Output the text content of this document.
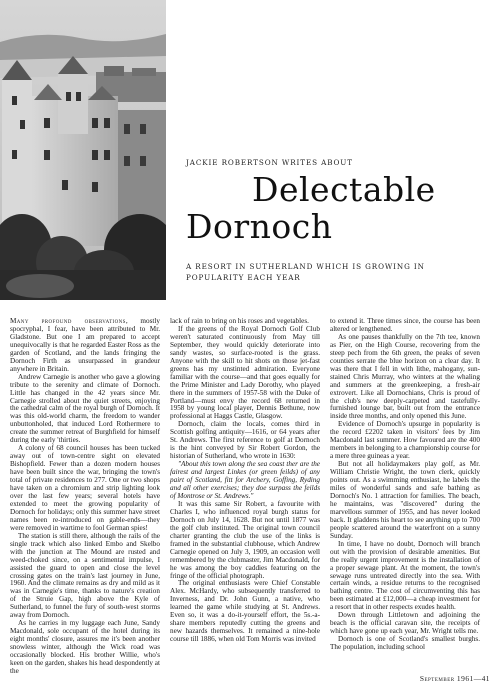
JACKIE ROBERTSON WRITES ABOUT
Delectable
Dornoch
A RESORT IN SUTHERLAND WHICH IS GROWING IN POPULARITY EACH YEAR

Many profound observations, mostly spocryphal, I fear, have been attributed to Mr. Gladstone. But one I am prepared to accept unequivocally is that he regarded Easter Ross as the garden of Scotland, and the lands fringing the Dornoch Firth as unsurpassed in grandeur anywhere in Britain.

Andrew Carnegie is another who gave a glowing tribute to the serenity and climate of Dornoch. Little has changed in the 42 years since Mr. Carnegie strolled about the quiet streets, enjoying the cathedral calm of the royal burgh of Dornoch. It was this old-world charm, the freedom to wander unbuttonholed, that induced Lord Rothermere to create the summer retreat of Burghfield for himself during the early 'thirties.

A colony of 68 council houses has been tucked away out of town-centre sight on elevated Bishopfield. Fewer than a dozen modern houses have been built since the war, bringing the town's total of private residences to 277. One or two shops have taken on a chromium and strip lighting look over the last few years; several hotels have extended to meet the growing popularity of Dornoch for holidays; only this summer have street names been re-introduced on gable-ends—they were removed in wartime to fool German spies!

The station is still there, although the rails of the single track which also linked Embo and Skelbo with the junction at The Mound are rusted and weed-choked since, on a sentimental impulse, I assisted the guard to open and close the level crossing gates on the train's last journey in June, 1960. And the climate remains as dry and mild as it was in Carnegie's time, thanks to nature's creation of the Struie Gap, high above the Kyle of Sutherland, to funnel the fury of south-west storms away from Dornoch.

As he carries in my luggage each June, Sandy Macdonald, sole occupant of the hotel during its eight months' closure, assures me it's been another snowless winter, although the Wick road was occasionally blocked. His brother Willie, who's keen on the garden, shakes his head despondently at the

lack of rain to bring on his roses and vegetables.

If the greens of the Royal Dornoch Golf Club weren't saturated continuously from May till September, they would quickly deteriorate into sandy wastes, so surface-rooted is the grass. Anyone with the skill to hit shots on those jet-fast greens has my unstinted admiration. Everyone familiar with the course—and that goes equally for the Prime Minister and Lady Dorothy, who played there in the summers of 1957-58 with the Duke of Portland—must envy the record 68 returned in 1958 by young local player, Dennis Bethune, now professional at Haggs Castle, Glasgow.

Dornoch, claim the locals, comes third in Scottish golfing antiquity—1616, or 64 years after St. Andrews. The first reference to golf at Dornoch is the hint conveyed by Sir Robert Gordon, the historian of Sutherland, who wrote in 1630:

"About this town along the sea coast ther are the fairest and largest Linkes (or green feilds) of any pairt of Scotland, fitt for Archery, Goffing, Ryding and all other exercises; they doe surpass the feilds of Montrose or St. Andrews."

It was this same Sir Robert, a favourite with Charles I, who influenced royal burgh status for Dornoch on July 14, 1628. But not until 1877 was the golf club instituted. The original town council charter granting the club the use of the links is framed in the substantial clubhouse, which Andrew Carnegie opened on July 3, 1909, an occasion well remembered by the clubmaster, Jim Macdonald, for he was among the boy caddies featuring on the fringe of the official photograph.

The original enthusiasts were Chief Constable Alex. McHardy, who subsequently transferred to Inverness, and Dr. John Gunn, a native, who learned the game while studying at St. Andrews. Even so, it was a do-it-yourself effort, the 5s.-a-share members reputedly cutting the greens and new hazards themselves. It remained a nine-hole course till 1886, when old Tom Morris was invited

to extend it. Three times since, the course has been altered or lengthened.

As one pauses thankfully on the 7th tee, known as Pier, on the High Course, recovering from the steep pech from the 6th green, the peaks of seven counties serrate the blue horizon on a clear day. It was there that I fell in with lithe, mahogany, sun-stained Chris Murray, who winters at the whaling and summers at the greenkeeping, a fresh-air extrovert. Like all Dornochians, Chris is proud of the club's new deeply-carpeted and tastefully-furnished lounge bar, built out from the entrance inside three months, and only opened this June.

Evidence of Dornoch's upsurge in popularity is the record £2202 taken in visitors' fees by Jim Macdonald last summer. How favoured are the 400 members in belonging to a championship course for a mere three guineas a year.

But not all holidaymakers play golf, as Mr. William Christie Wright, the town clerk, quickly points out. As a swimming enthusiast, he labels the miles of wonderful sands and safe bathing as Dornoch's No. 1 attraction for families. The beach, he maintains, was "discovered" during the marvellous summer of 1955, and has never looked back. It gladdens his heart to see anything up to 700 people scattered around the waterfront on a sunny Sunday.

In time, I have no doubt, Dornoch will branch out with the provision of desirable amenities. But the really urgent improvement is the installation of a proper sewage plant. At the moment, the town's sewage runs untreated directly into the sea. With certain winds, a residue returns to the recognised bathing centre. The cost of circumventing this has been estimated at £12,000—a cheap investment for a resort that in other respects exudes health.

Down through Littletown and adjoining the beach is the official caravan site, the receipts of which have gone up each year, Mr. Wright tells me.

Dornoch is one of Scotland's smallest burghs. The population, including school

September 1961—41
